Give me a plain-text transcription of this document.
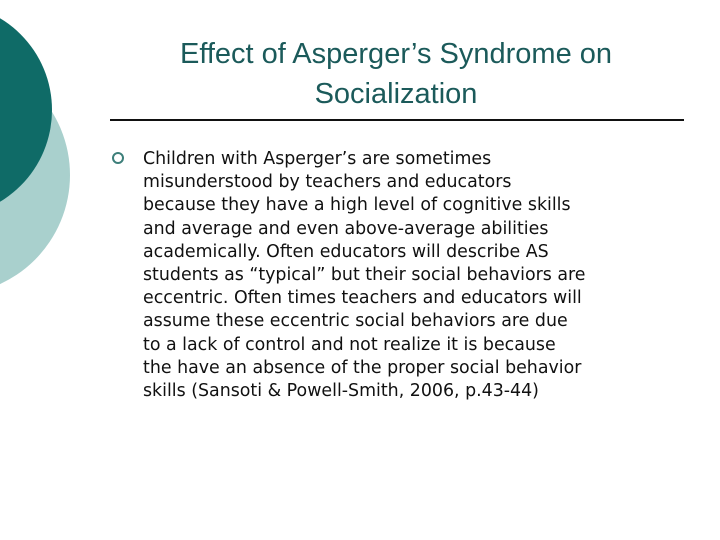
Effect of Asperger’s Syndrome on Socialization

Children with Asperger’s are sometimes
misunderstood by teachers and educators
because they have a high level of cognitive skills
and average and even above-average abilities
academically. Often educators will describe AS
students as “typical” but their social behaviors are
eccentric. Often times teachers and educators will
assume these eccentric social behaviors are due
to a lack of control and not realize it is because
the have an absence of the proper social behavior
skills (Sansoti & Powell-Smith, 2006, p.43-44)
